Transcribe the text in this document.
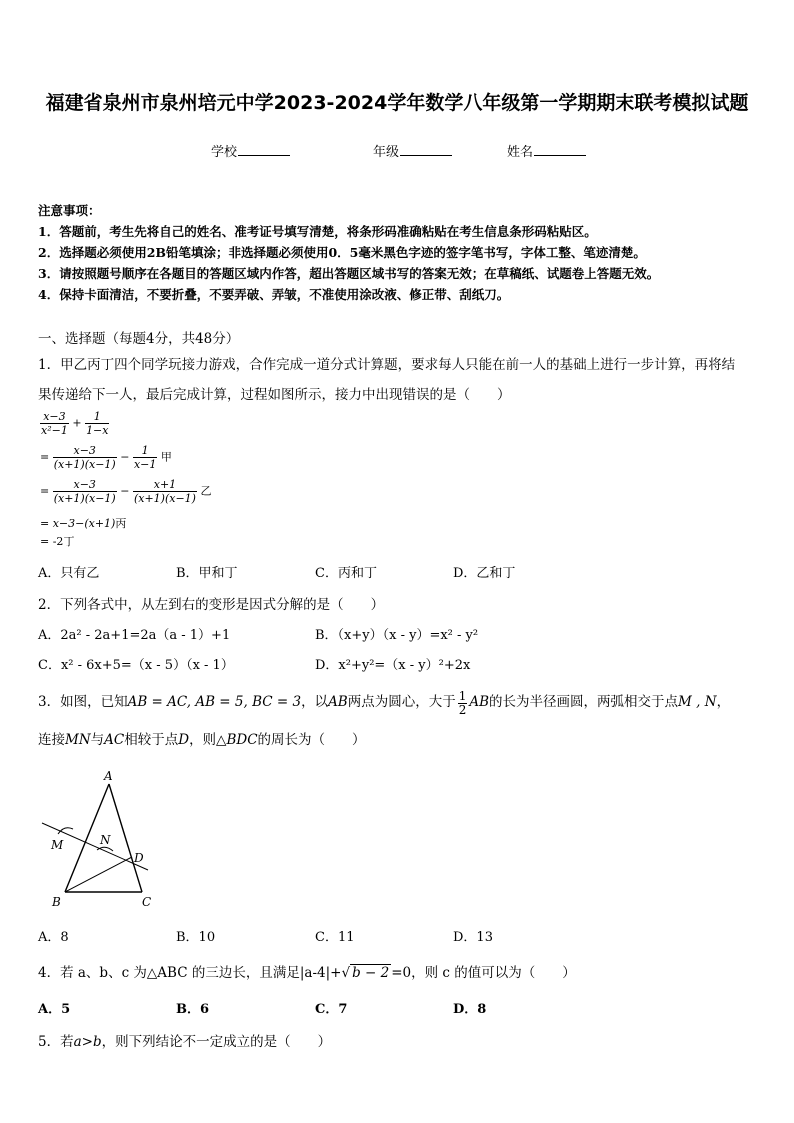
福建省泉州市泉州培元中学2023-2024学年数学八年级第一学期期末联考模拟试题
学校	年级	姓名
注意事项：
1．答题前，考生先将自己的姓名、准考证号填写清楚，将条形码准确粘贴在考生信息条形码粘贴区。
2．选择题必须使用2B铅笔填涂；非选择题必须使用0．5毫米黑色字迹的签字笔书写，字体工整、笔迹清楚。
3．请按照题号顺序在各题目的答题区域内作答，超出答题区域书写的答案无效；在草稿纸、试题卷上答题无效。
4．保持卡面清洁，不要折叠，不要弄破、弄皱，不准使用涂改液、修正带、刮纸刀。
一、选择题（每题4分，共48分）
1．甲乙丙丁四个同学玩接力游戏，合作完成一道分式计算题，要求每人只能在前一人的基础上进行一步计算，再将结
果传递给下一人，最后完成计算，过程如图所示，接力中出现错误的是（　　）
$\frac{x-3}{\text{x²−1}} + \frac{1}{1-x}$
= $\frac{x-3}{(x+1)(x-1)} - \frac{1}{x-1}$ 甲
= $\frac{x-3}{(x+1)(x-1)} - \frac{x+1}{(x+1)(x-1)}$ 乙
= x−3−(x+1)丙
= -2丁
A．只有乙	B．甲和丁	C．丙和丁	D．乙和丁
2．下列各式中，从左到右的变形是因式分解的是（　　）
A．2a² - 2a+1=2a（a - 1）+1	B．（x+y）（x - y）=x² - y²
C．x² - 6x+5=（x - 5）（x - 1）	D．x²+y²=（x - y）²+2x
3．如图，已知AB = AC, AB = 5, BC = 3，以AB两点为圆心，大于 $\frac{1}{2}$ AB的长为半径画圆，两弧相交于点M , N，
连接MN与AC相较于点D，则△BDC的周长为（　　）
A
B	C
D
M	N
A．8	B．10	C．11	D．13
4．若 a、b、c 为△ABC 的三边长，且满足|a-4|+√ b − 2 =0，则 c 的值可以为（　　）
A．5	B．6	C．7	D．8
5．若a>b，则下列结论不一定成立的是（　　）
